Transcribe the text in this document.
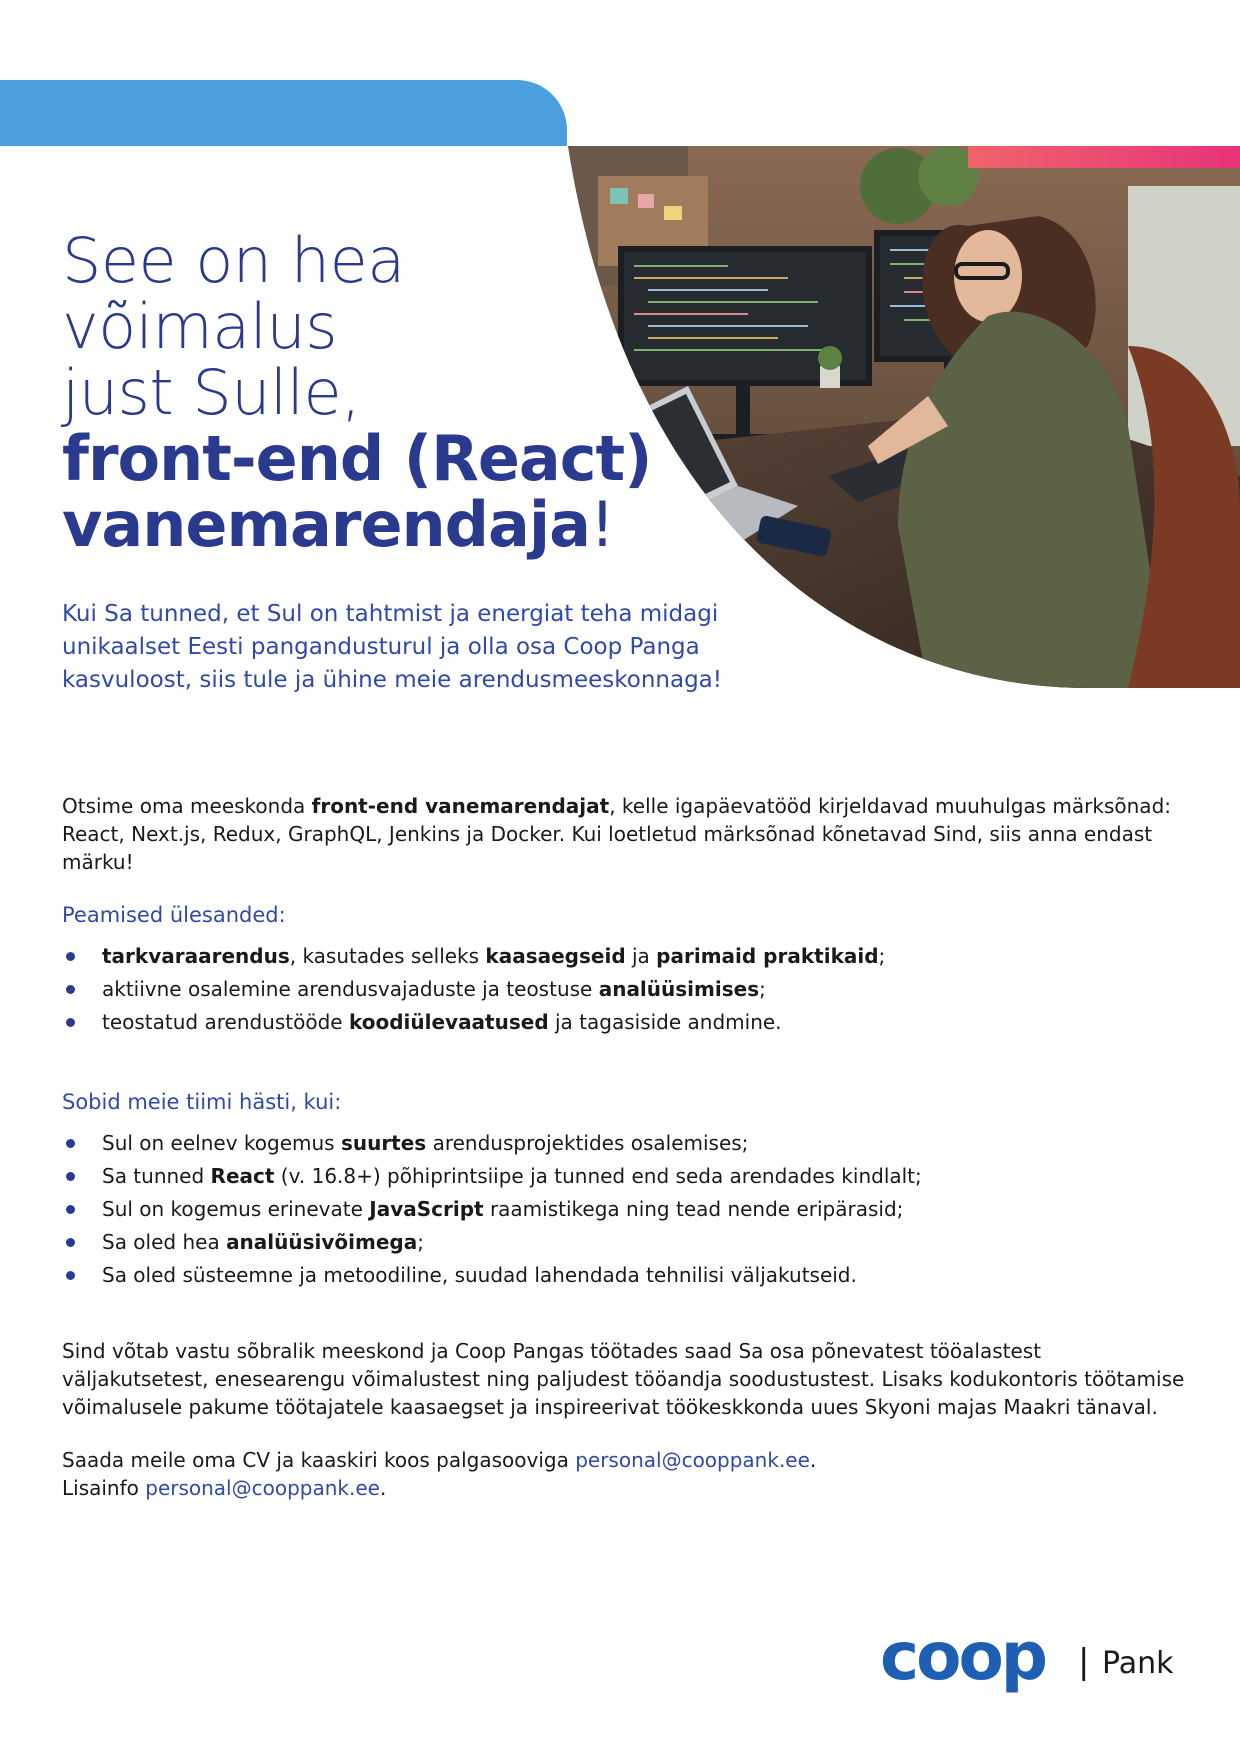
See on hea
võimalus
just Sulle,
front-end (React)
vanemarendaja!
Kui Sa tunned, et Sul on tahtmist ja energiat teha midagi unikaalset Eesti pangandusturul ja olla osa Coop Panga kasvuloost, siis tule ja ühine meie arendusmeeskonnaga!
Otsime oma meeskonda front-end vanemarendajat, kelle igapäevatööd kirjeldavad muuhulgas märksõnad: React, Next.js, Redux, GraphQL, Jenkins ja Docker. Kui loetletud märksõnad kõnetavad Sind, siis anna endast märku!
Peamised ülesanded:
tarkvaraarendus, kasutades selleks kaasaegseid ja parimaid praktikaid;
aktiivne osalemine arendusvajaduste ja teostuse analüüsimises;
teostatud arendustööde koodiülevaatused ja tagasiside andmine.
Sobid meie tiimi hästi, kui:
Sul on eelnev kogemus suurtes arendusprojektides osalemises;
Sa tunned React (v. 16.8+) põhiprintsiipe ja tunned end seda arendades kindlalt;
Sul on kogemus erinevate JavaScript raamistikega ning tead nende eripärasid;
Sa oled hea analüüsivõimega;
Sa oled süsteemne ja metoodiline, suudad lahendada tehnilisi väljakutseid.
Sind võtab vastu sõbralik meeskond ja Coop Pangas töötades saad Sa osa põnevatest tööalastest väljakutsetest, enesearengu võimalustest ning paljudest tööandja soodustustest. Lisaks kodukontoris töötamise võimalusele pakume töötajatele kaasaegset ja inspireerivat töökeskkonda uues Skyoni majas Maakri tänaval.
Saada meile oma CV ja kaaskiri koos palgasooviga personal@cooppank.ee.
Lisainfo personal@cooppank.ee.
coop | Pank
